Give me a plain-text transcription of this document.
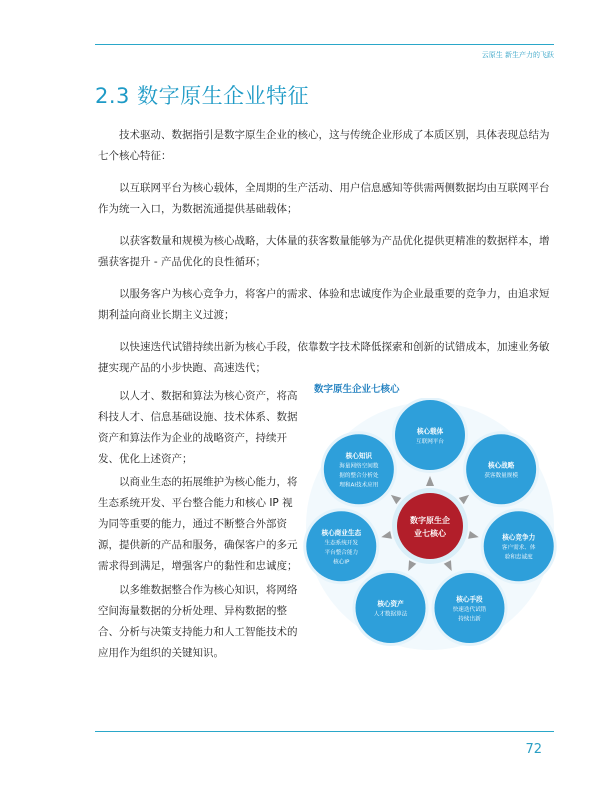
云原生 新生产力的飞跃
2.3 数字原生企业特征

技术驱动、数据指引是数字原生企业的核心，这与传统企业形成了本质区别，具体表现总结为七个核心特征：

以互联网平台为核心载体，全周期的生产活动、用户信息感知等供需两侧数据均由互联网平台作为统一入口，为数据流通提供基础载体；

以获客数量和规模为核心战略，大体量的获客数量能够为产品优化提供更精准的数据样本，增强获客提升 - 产品优化的良性循环；

以服务客户为核心竞争力，将客户的需求、体验和忠诚度作为企业最重要的竞争力，由追求短期利益向商业长期主义过渡；

以快速迭代试错持续出新为核心手段，依靠数字技术降低探索和创新的试错成本，加速业务敏捷实现产品的小步快跑、高速迭代；

以人才、数据和算法为核心资产，将高科技人才、信息基础设施、技术体系、数据资产和算法作为企业的战略资产，持续开发、优化上述资产；

以商业生态的拓展维护为核心能力，将生态系统开发、平台整合能力和核心 IP 视为同等重要的能力，通过不断整合外部资源，提供新的产品和服务，确保客户的多元需求得到满足，增强客户的黏性和忠诚度；

以多维数据整合作为核心知识，将网络空间海量数据的分析处理、异构数据的整合、分析与决策支持能力和人工智能技术的应用作为组织的关键知识。

数字原生企业七核心
核心载体
互联网平台
核心战略
获客数量规模
核心竞争力
客户需求、体
验和忠诚度
核心手段
快速迭代试错
持续出新
核心资产
人才数据算法
核心商业生态
生态系统开发
平台整合能力
核心IP
核心知识
海量网络空间数
据的整合分析处
理和AI技术应用
数字原生企
业七核心
72
